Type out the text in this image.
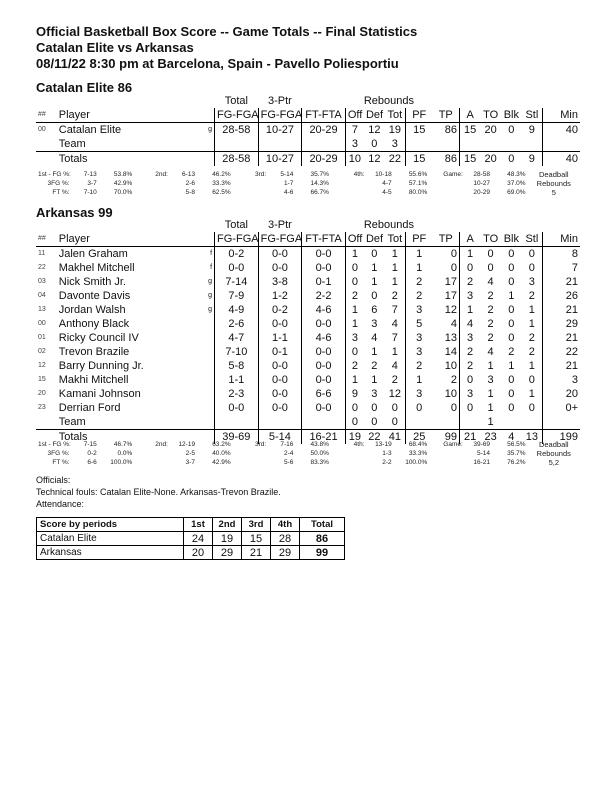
Official Basketball Box Score -- Game Totals -- Final Statistics
Catalan Elite vs Arkansas
08/11/22 8:30 pm at Barcelona, Spain - Pavello Poliesportiu
Catalan Elite 86
			Total	3-Ptr		Rebounds									
##	Player		FG-FGA	FG-FGA	FT-FTA	Off	Def	Tot	PF	TP	A	TO	Blk	Stl	Min
00	Catalan Elite	g	28-58	10-27	20-29	7	12	19	15	86	15	20	0	9	40
	Team					3	0	3							
	Totals		28-58	10-27	20-29	10	12	22	15	86	15	20	0	9	40
1st - FG %:	7-13	53.8%	2nd:	6-13	46.2%	3rd:	5-14	35.7%	4th:	10-18	55.6%	Game:	28-58	48.3%	Deadball
3FG %:	3-7	42.9%		2-6	33.3%		1-7	14.3%		4-7	57.1%		10-27	37.0%	Rebounds
FT %:	7-10	70.0%		5-8	62.5%		4-6	66.7%		4-5	80.0%		20-29	69.0%	5
Arkansas 99
			Total	3-Ptr		Rebounds									
##	Player		FG-FGA	FG-FGA	FT-FTA	Off	Def	Tot	PF	TP	A	TO	Blk	Stl	Min
11	Jalen Graham	f	0-2	0-0	0-0	1	0	1	1	0	1	0	0	0	8
22	Makhel Mitchell	f	0-0	0-0	0-0	0	1	1	1	0	0	0	0	0	7
03	Nick Smith Jr.	g	7-14	3-8	0-1	0	1	1	2	17	2	4	0	3	21
04	Davonte Davis	g	7-9	1-2	2-2	2	0	2	2	17	3	2	1	2	26
13	Jordan Walsh	g	4-9	0-2	4-6	1	6	7	3	12	1	2	0	1	21
00	Anthony Black		2-6	0-0	0-0	1	3	4	5	4	4	2	0	1	29
01	Ricky Council IV		4-7	1-1	4-6	3	4	7	3	13	3	2	0	2	21
02	Trevon Brazile		7-10	0-1	0-0	0	1	1	3	14	2	4	2	2	22
12	Barry Dunning Jr.		5-8	0-0	0-0	2	2	4	2	10	2	1	1	1	21
15	Makhi Mitchell		1-1	0-0	0-0	1	1	2	1	2	0	3	0	0	3
20	Kamani Johnson		2-3	0-0	6-6	9	3	12	3	10	3	1	0	1	20
23	Derrian Ford		0-0	0-0	0-0	0	0	0	0	0	0	1	0	0	0+
	Team					0	0	0				1			
	Totals		39-69	5-14	16-21	19	22	41	25	99	21	23	4	13	199
1st - FG %:	7-15	46.7%	2nd:	12-19	63.2%	3rd:	7-16	43.8%	4th:	13-19	68.4%	Game:	39-69	56.5%	Deadball
3FG %:	0-2	0.0%		2-5	40.0%		2-4	50.0%		1-3	33.3%		5-14	35.7%	Rebounds
FT %:	6-6	100.0%		3-7	42.9%		5-6	83.3%		2-2	100.0%		16-21	76.2%	5,2
Officials:
Technical fouls: Catalan Elite-None. Arkansas-Trevon Brazile.
Attendance:
Score by periods	1st	2nd	3rd	4th	Total
Catalan Elite	24	19	15	28	86
Arkansas	20	29	21	29	99
